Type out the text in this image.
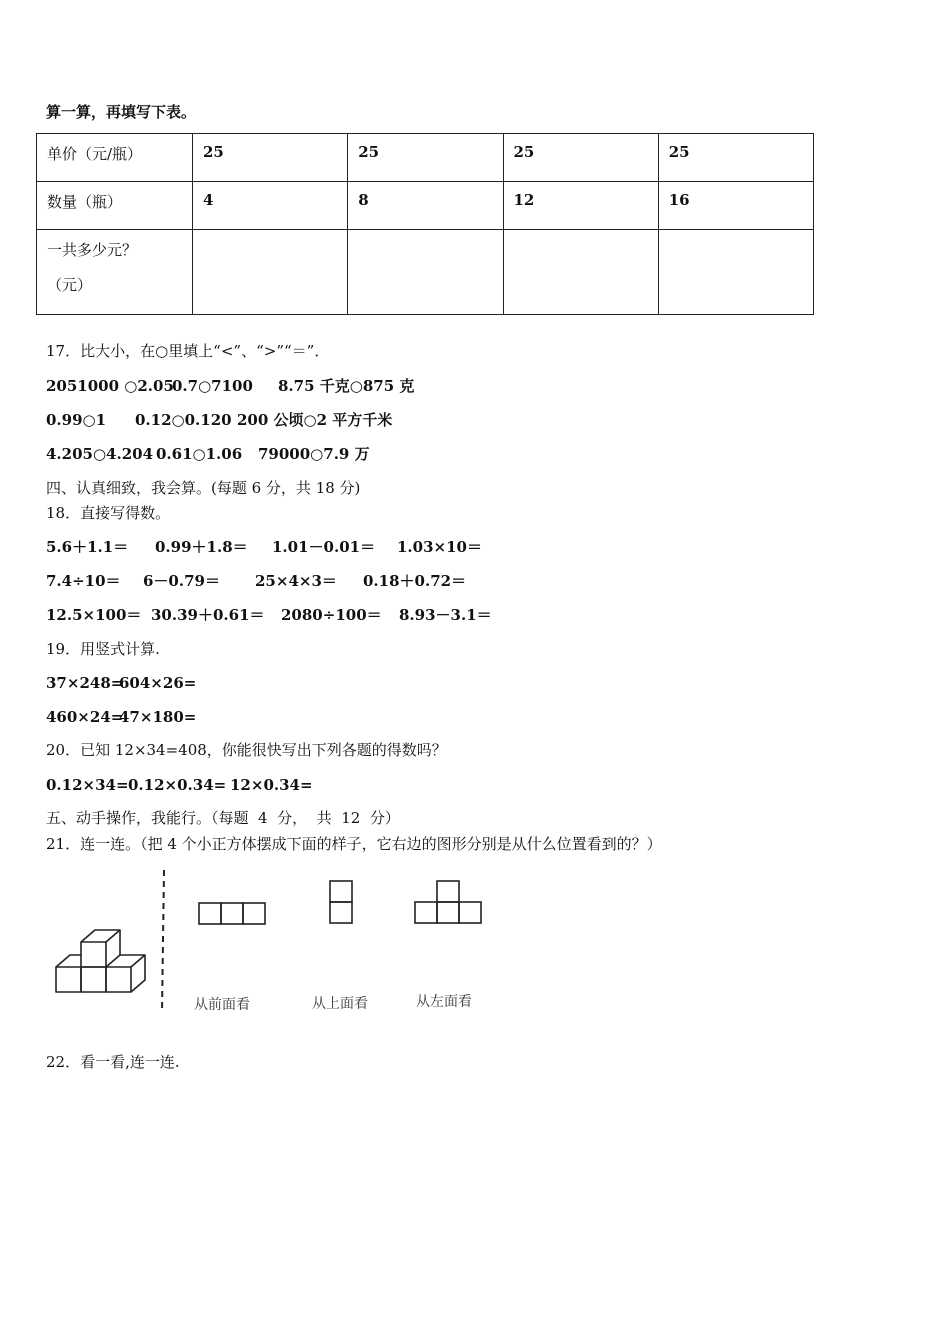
算一算，再填写下表。
单价（元/瓶）	25	25	25	25
数量（瓶）	4	8	12	16
一共多少元？
（元）				

17．比大小，在○里填上“<”、“>”“＝”．
2051000 ○2.05
0.7○7100 8.75 千克○875 克
0.99○1 0.12○0.120 200 公顷○2 平方千米
4.205○4.204 0.61○1.06 79000○7.9 万
四、认真细致，我会算。(每题 6 分，共 18 分)
18．直接写得数。
5.6＋1.1＝ 0.99＋1.8＝ 1.01－0.01＝ 1.03×10＝
7.4÷10＝ 6－0.79＝ 25×4×3＝ 0.18＋0.72＝
12.5×100＝ 30.39＋0.61＝ 2080÷100＝ 8.93－3.1＝
19．用竖式计算.
37×248=
604×26=
460×24=
47×180=
20．已知 12×34=408，你能很快写出下列各题的得数吗？
0.12×34= 0.12×0.34= 12×0.34=
五、动手操作，我能行。（每题  4  分，  共  12  分）
21．连一连。（把 4 个小正方体摆成下面的样子，它右边的图形分别是从什么位置看到的？）
从前面看	从上面看	从左面看
22．看一看,连一连.
